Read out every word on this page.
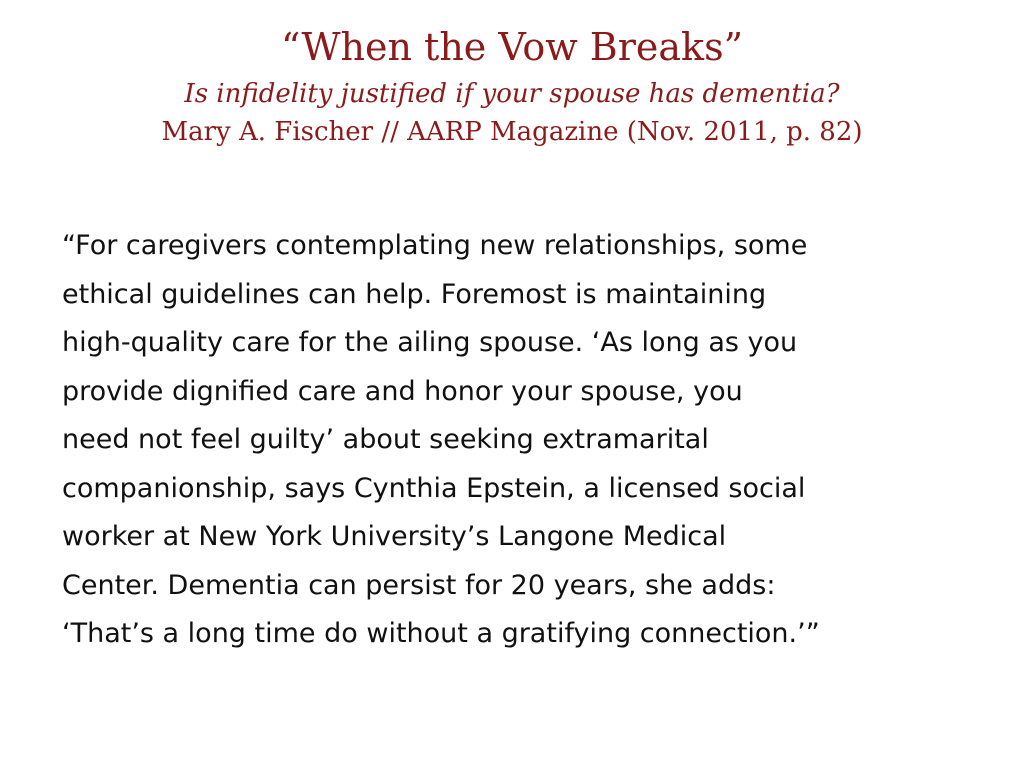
“When the Vow Breaks”
Is infidelity justified if your spouse has dementia?
Mary A. Fischer // AARP Magazine (Nov. 2011, p. 82)
“For caregivers contemplating new relationships, some
ethical guidelines can help. Foremost is maintaining
high-quality care for the ailing spouse. ‘As long as you
provide dignified care and honor your spouse, you
need not feel guilty’ about seeking extramarital
companionship, says Cynthia Epstein, a licensed social
worker at New York University’s Langone Medical
Center. Dementia can persist for 20 years, she adds:
‘That’s a long time do without a gratifying connection.’”
